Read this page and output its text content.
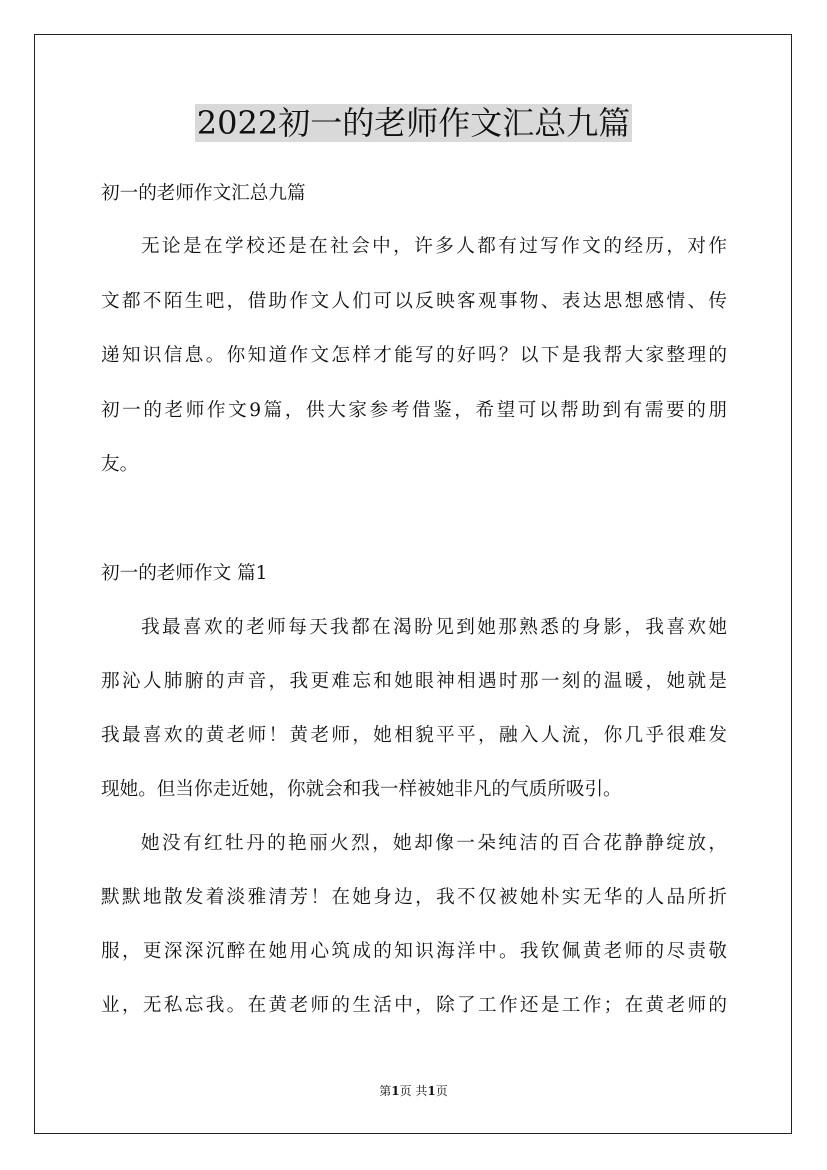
2022初一的老师作文汇总九篇

初一的老师作文汇总九篇

无论是在学校还是在社会中，许多人都有过写作文的经历，对作

文都不陌生吧，借助作文人们可以反映客观事物、表达思想感情、传

递知识信息。你知道作文怎样才能写的好吗？以下是我帮大家整理的

初一的老师作文9篇，供大家参考借鉴，希望可以帮助到有需要的朋

友。

初一的老师作文 篇1

我最喜欢的老师每天我都在渴盼见到她那熟悉的身影，我喜欢她

那沁人肺腑的声音，我更难忘和她眼神相遇时那一刻的温暖，她就是

我最喜欢的黄老师！黄老师，她相貌平平，融入人流，你几乎很难发

现她。但当你走近她，你就会和我一样被她非凡的气质所吸引。

她没有红牡丹的艳丽火烈，她却像一朵纯洁的百合花静静绽放，

默默地散发着淡雅清芳！在她身边，我不仅被她朴实无华的人品所折

服，更深深沉醉在她用心筑成的知识海洋中。我钦佩黄老师的尽责敬

业，无私忘我。在黄老师的生活中，除了工作还是工作；在黄老师的

第1页 共1页
